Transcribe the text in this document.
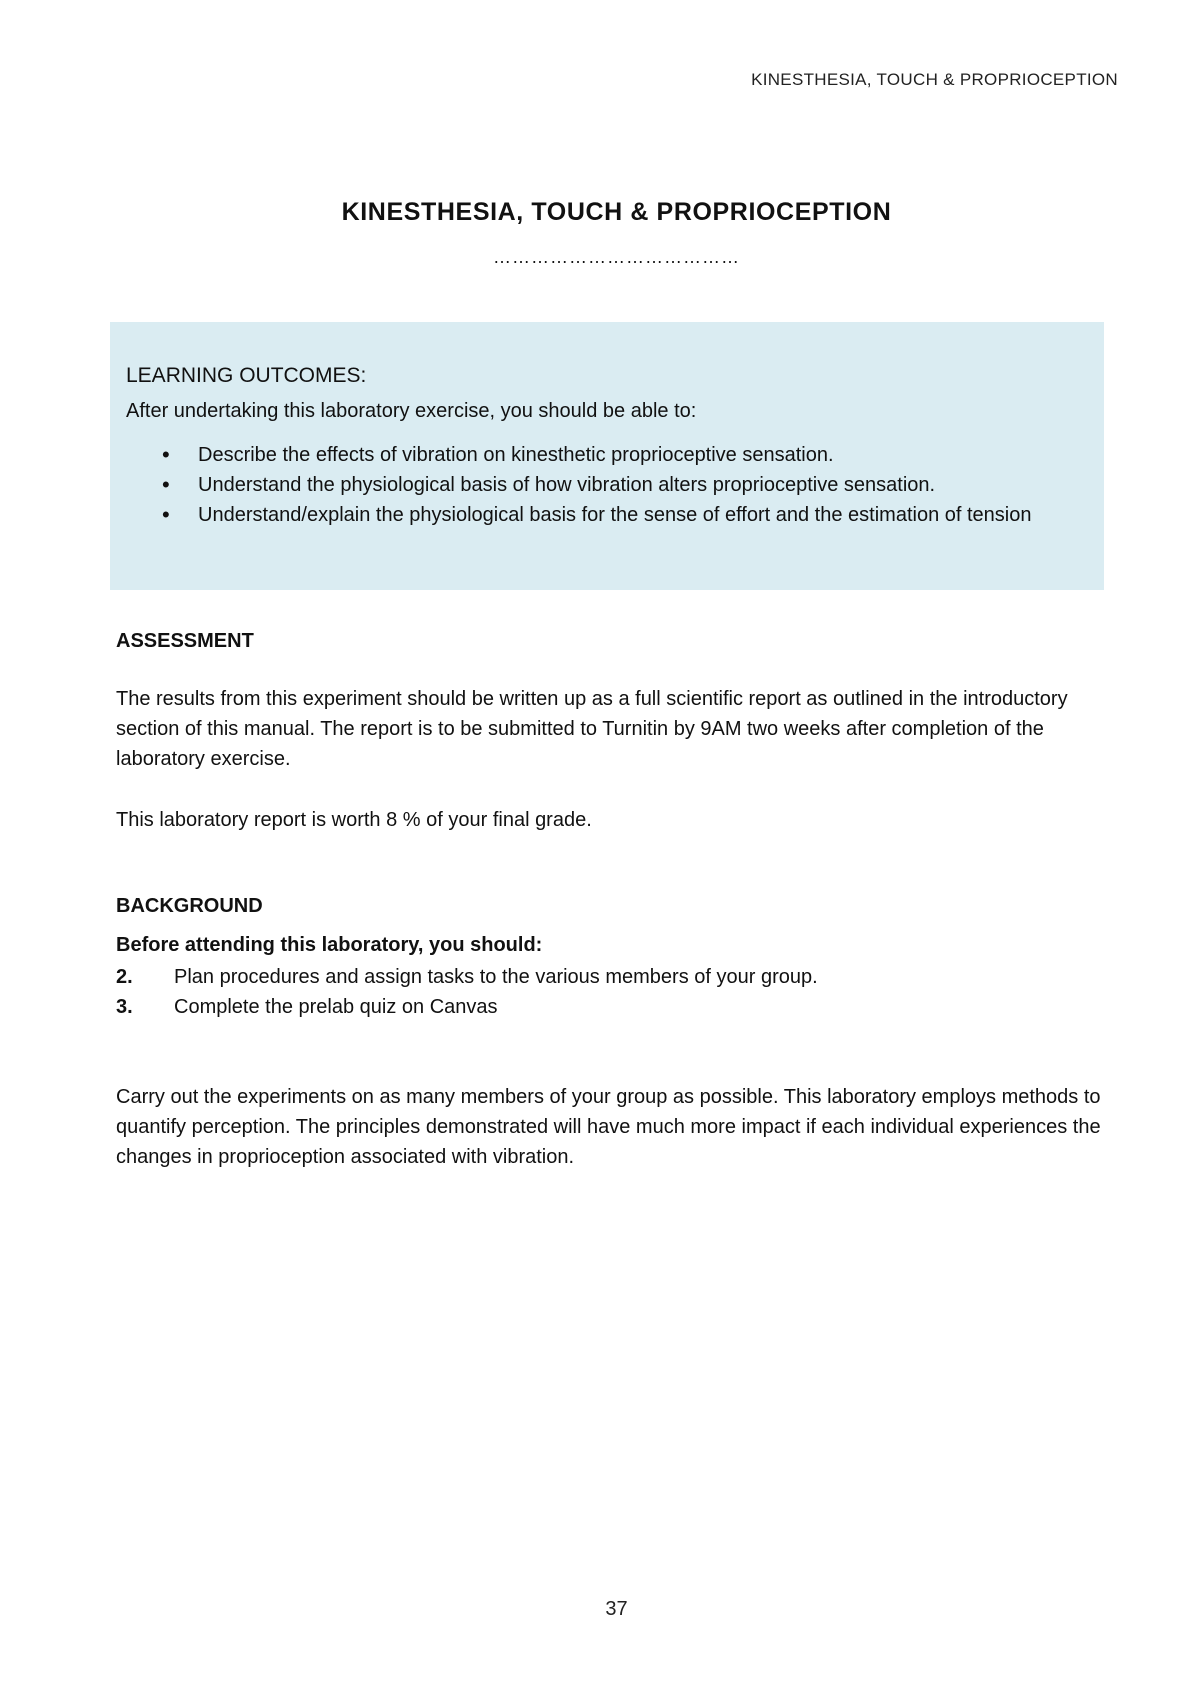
KINESTHESIA, TOUCH & PROPRIOCEPTION
KINESTHESIA, TOUCH & PROPRIOCEPTION
…………………………………
LEARNING OUTCOMES:
After undertaking this laboratory exercise, you should be able to:
• Describe the effects of vibration on kinesthetic proprioceptive sensation.
• Understand the physiological basis of how vibration alters proprioceptive sensation.
• Understand/explain the physiological basis for the sense of effort and the estimation of tension
ASSESSMENT

The results from this experiment should be written up as a full scientific report as outlined in the introductory section of this manual. The report is to be submitted to Turnitin by 9AM two weeks after completion of the laboratory exercise.

This laboratory report is worth 8 % of your final grade.

BACKGROUND
Before attending this laboratory, you should:
2. Plan procedures and assign tasks to the various members of your group.
3. Complete the prelab quiz on Canvas

Carry out the experiments on as many members of your group as possible. This laboratory employs methods to quantify perception. The principles demonstrated will have much more impact if each individual experiences the changes in proprioception associated with vibration.

37
